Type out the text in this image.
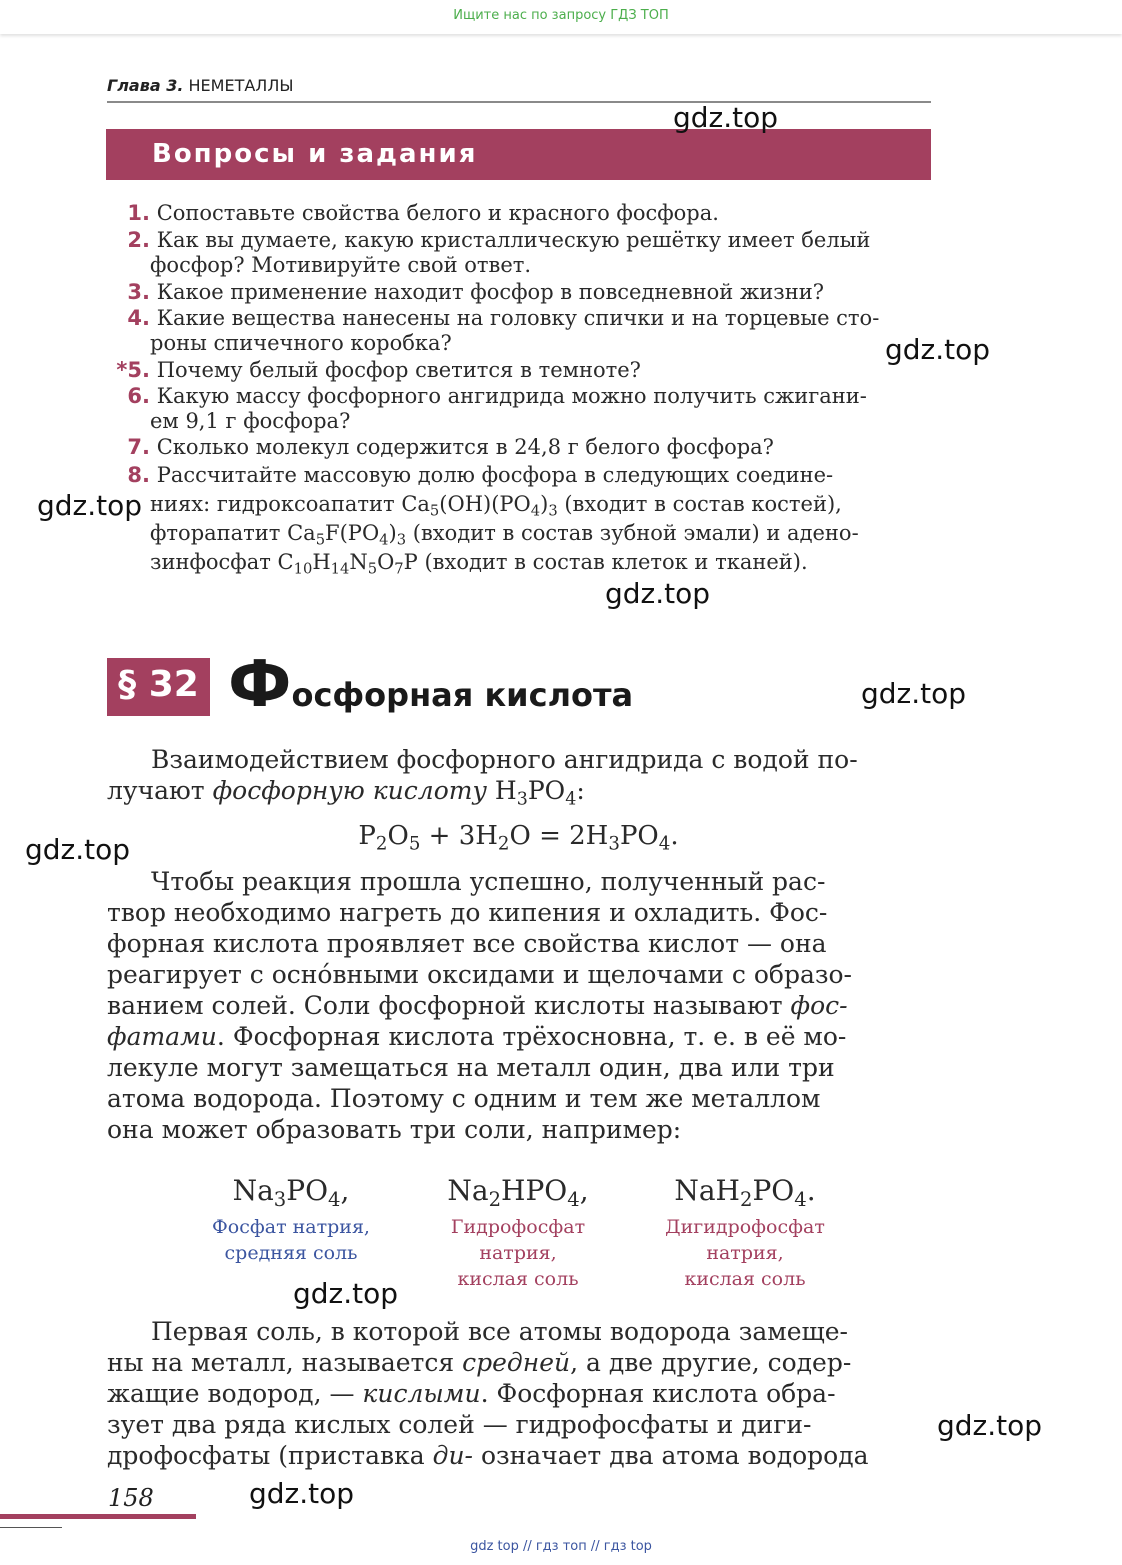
Ищите нас по запросу ГДЗ ТОП
Глава 3. НЕМЕТАЛЛЫ
Вопросы и задания
1. Сопоставьте свойства белого и красного фосфора.
2. Как вы думаете, какую кристаллическую решётку имеет белый
фосфор? Мотивируйте свой ответ.
3. Какое применение находит фосфор в повседневной жизни?
4. Какие вещества нанесены на головку спички и на торцевые сто-
роны спичечного коробка?
*5. Почему белый фосфор светится в темноте?
6. Какую массу фосфорного ангидрида можно получить сжигани-
ем 9,1 г фосфора?
7. Сколько молекул содержится в 24,8 г белого фосфора?
8. Рассчитайте массовую долю фосфора в следующих соедине-
ниях: гидроксоапатит $Ca_5(OH)(PO_4)_3$ (входит в состав костей),
фторапатит $Ca_5F(PO_4)_3$ (входит в состав зубной эмали) и адено-
зинфосфат $C_{10}H_{14}N_5O_7P$ (входит в состав клеток и тканей).
§ 32 Фосфорная кислота
Взаимодействием фосфорного ангидрида с водой по-
лучают фосфорную кислоту $H_3PO_4$:
$P_2O_5 + 3H_2O = 2H_3PO_4$.
Чтобы реакция прошла успешно, полученный рас-
твор необходимо нагреть до кипения и охладить. Фос-
форная кислота проявляет все свойства кислот — она
реагирует с осно́вными оксидами и щелочами с образо-
ванием солей. Соли фосфорной кислоты называют фос-
фатами. Фосфорная кислота трёхосновна, т. е. в её мо-
лекуле могут замещаться на металл один, два или три
атома водорода. Поэтому с одним и тем же металлом
она может образовать три соли, например:
$Na_3PO_4$,
Фосфат натрия,
средняя соль
$Na_2HPO_4$,
Гидрофосфат
натрия,
кислая соль
$NaH_2PO_4$.
Дигидрофосфат
натрия,
кислая соль
Первая соль, в которой все атомы водорода замеще-
ны на металл, называется средней, а две другие, содер-
жащие водород, — кислыми. Фосфорная кислота обра-
зует два ряда кислых солей — гидрофосфаты и диги-
дрофосфаты (приставка ди- означает два атома водорода
gdz.top
gdz.top
gdz.top
gdz.top
gdz.top
gdz.top
gdz.top
gdz.top
gdz.top
158
gdz top // гдз топ // гдз top
